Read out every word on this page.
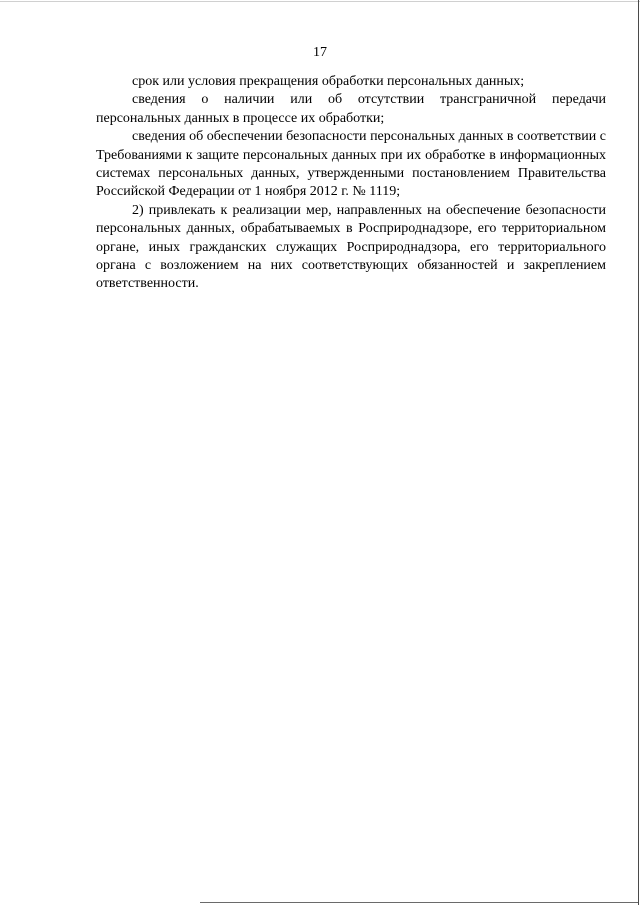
17

срок или условия прекращения обработки персональных данных;

сведения о наличии или об отсутствии трансграничной передачи персональных данных в процессе их обработки;

сведения об обеспечении безопасности персональных данных в соответствии с Требованиями к защите персональных данных при их обработке в информационных системах персональных данных, утвержденными постановлением Правительства Российской Федерации от 1 ноября 2012 г. № 1119;

2) привлекать к реализации мер, направленных на обеспечение безопасности персональных данных, обрабатываемых в Росприроднадзоре, его территориальном органе, иных гражданских служащих Росприроднадзора, его территориального органа с возложением на них соответствующих обязанностей и закреплением ответственности.
